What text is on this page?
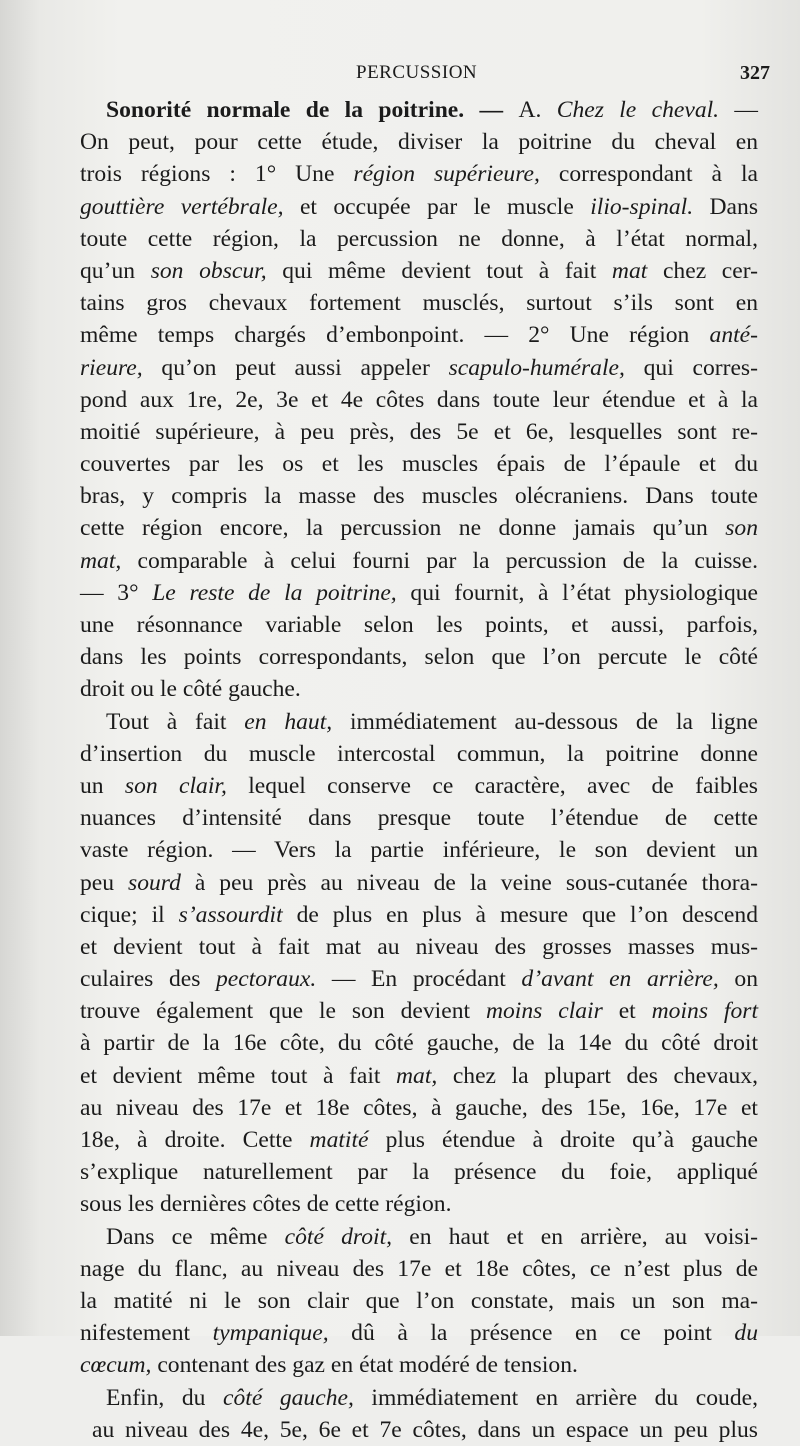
PERCUSSION	327
Sonorité normale de la poitrine. — A. Chez le cheval. —
On peut, pour cette étude, diviser la poitrine du cheval en
trois régions : 1° Une région supérieure, correspondant à la
gouttière vertébrale, et occupée par le muscle ilio-spinal. Dans
toute cette région, la percussion ne donne, à l’état normal,
qu’un son obscur, qui même devient tout à fait mat chez cer-
tains gros chevaux fortement musclés, surtout s’ils sont en
même temps chargés d’embonpoint. — 2° Une région anté-
rieure, qu’on peut aussi appeler scapulo-humérale, qui corres-
pond aux 1re, 2e, 3e et 4e côtes dans toute leur étendue et à la
moitié supérieure, à peu près, des 5e et 6e, lesquelles sont re-
couvertes par les os et les muscles épais de l’épaule et du
bras, y compris la masse des muscles olécraniens. Dans toute
cette région encore, la percussion ne donne jamais qu’un son
mat, comparable à celui fourni par la percussion de la cuisse.
— 3° Le reste de la poitrine, qui fournit, à l’état physiologique
une résonnance variable selon les points, et aussi, parfois,
dans les points correspondants, selon que l’on percute le côté
droit ou le côté gauche.
Tout à fait en haut, immédiatement au-dessous de la ligne
d’insertion du muscle intercostal commun, la poitrine donne
un son clair, lequel conserve ce caractère, avec de faibles
nuances d’intensité dans presque toute l’étendue de cette
vaste région. — Vers la partie inférieure, le son devient un
peu sourd à peu près au niveau de la veine sous-cutanée thora-
cique; il s’assourdit de plus en plus à mesure que l’on descend
et devient tout à fait mat au niveau des grosses masses mus-
culaires des pectoraux. — En procédant d’avant en arrière, on
trouve également que le son devient moins clair et moins fort
à partir de la 16e côte, du côté gauche, de la 14e du côté droit
et devient même tout à fait mat, chez la plupart des chevaux,
au niveau des 17e et 18e côtes, à gauche, des 15e, 16e, 17e et
18e, à droite. Cette matité plus étendue à droite qu’à gauche
s’explique naturellement par la présence du foie, appliqué
sous les dernières côtes de cette région.
Dans ce même côté droit, en haut et en arrière, au voisi-
nage du flanc, au niveau des 17e et 18e côtes, ce n’est plus de
la matité ni le son clair que l’on constate, mais un son ma-
nifestement tympanique, dû à la présence en ce point du
cœcum, contenant des gaz en état modéré de tension.
Enfin, du côté gauche, immédiatement en arrière du coude,
au niveau des 4e, 5e, 6e et 7e côtes, dans un espace un peu plus
